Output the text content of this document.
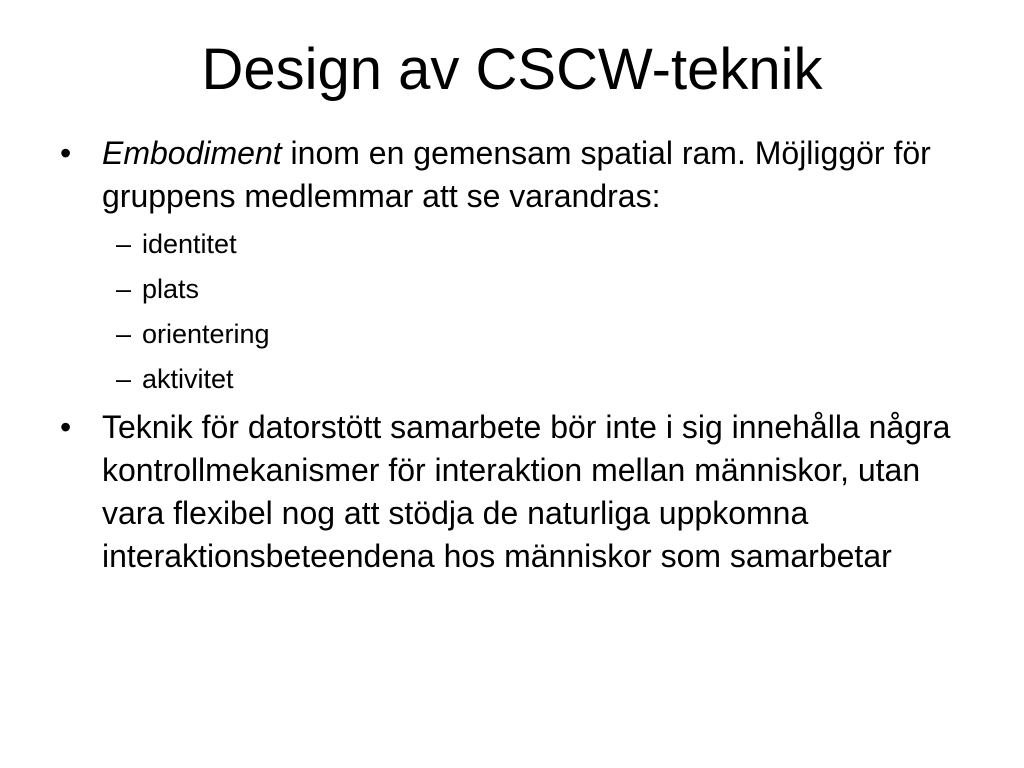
Design av CSCW-teknik
• Embodiment inom en gemensam spatial ram. Möjliggör för gruppens medlemmar att se varandras:
– identitet
– plats
– orientering
– aktivitet
• Teknik för datorstött samarbete bör inte i sig innehålla några kontrollmekanismer för interaktion mellan människor, utan vara flexibel nog att stödja de naturliga uppkomna interaktionsbeteendena hos människor som samarbetar
